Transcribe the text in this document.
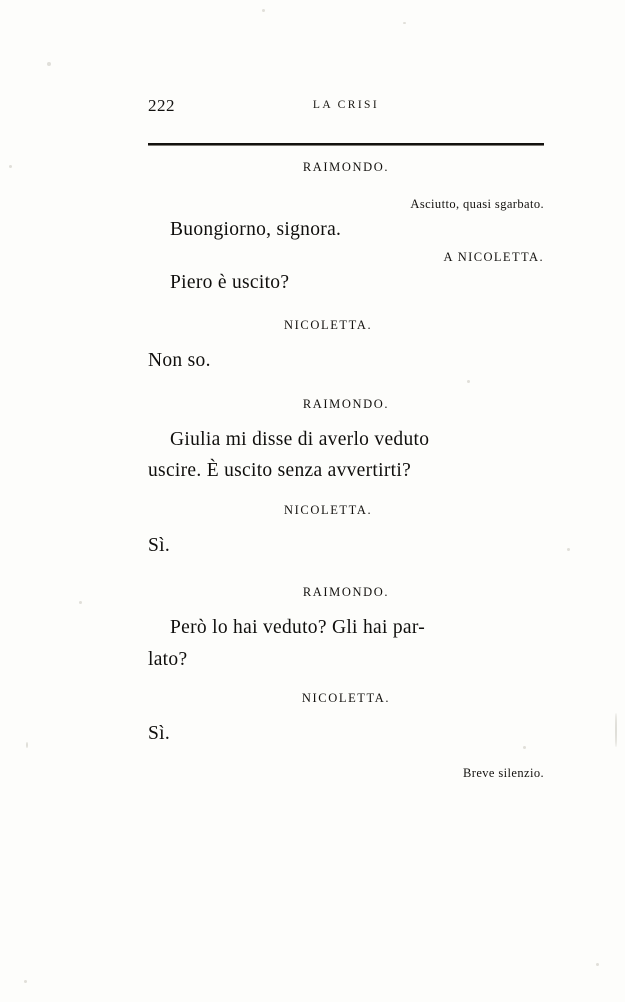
222	LA CRISI

RAIMONDO.

Asciutto, quasi sgarbato.

Buongiorno, signora.

A NICOLETTA.

Piero è uscito?

NICOLETTA.

Non so.

RAIMONDO.

Giulia mi disse di averlo veduto

uscire. È uscito senza avvertirti?

NICOLETTA.

Sì.

RAIMONDO.

Però lo hai veduto? Gli hai par-

lato?

NICOLETTA.

Sì.

Breve silenzio.
